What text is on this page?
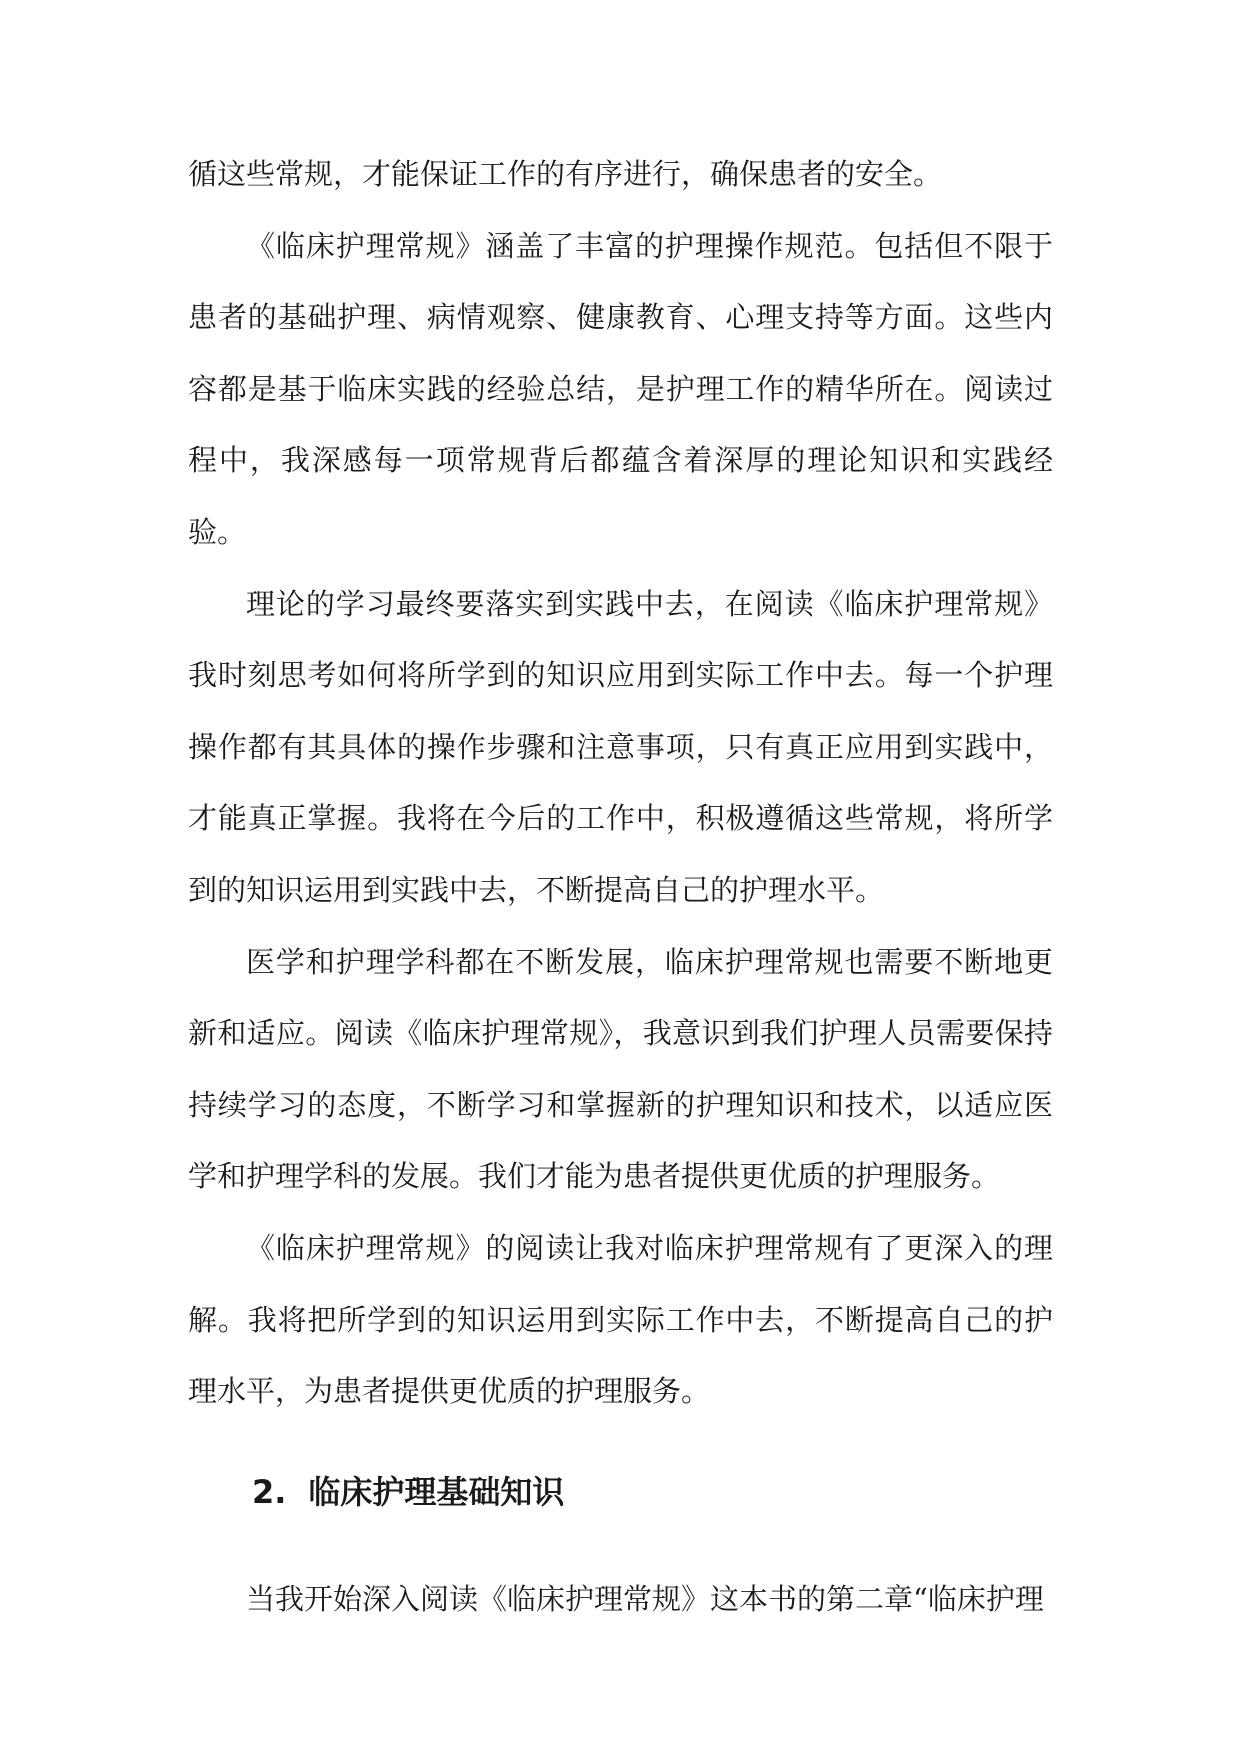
循这些常规，才能保证工作的有序进行，确保患者的安全。

《临床护理常规》涵盖了丰富的护理操作规范。包括但不限于患者的基础护理、病情观察、健康教育、心理支持等方面。这些内容都是基于临床实践的经验总结，是护理工作的精华所在。阅读过程中，我深感每一项常规背后都蕴含着深厚的理论知识和实践经验。

理论的学习最终要落实到实践中去，在阅读《临床护理常规》我时刻思考如何将所学到的知识应用到实际工作中去。每一个护理操作都有其具体的操作步骤和注意事项，只有真正应用到实践中，才能真正掌握。我将在今后的工作中，积极遵循这些常规，将所学到的知识运用到实践中去，不断提高自己的护理水平。

医学和护理学科都在不断发展，临床护理常规也需要不断地更新和适应。阅读《临床护理常规》，我意识到我们护理人员需要保持持续学习的态度，不断学习和掌握新的护理知识和技术，以适应医学和护理学科的发展。我们才能为患者提供更优质的护理服务。

《临床护理常规》的阅读让我对临床护理常规有了更深入的理解。我将把所学到的知识运用到实际工作中去，不断提高自己的护理水平，为患者提供更优质的护理服务。

2. 临床护理基础知识

当我开始深入阅读《临床护理常规》这本书的第二章“临床护理
